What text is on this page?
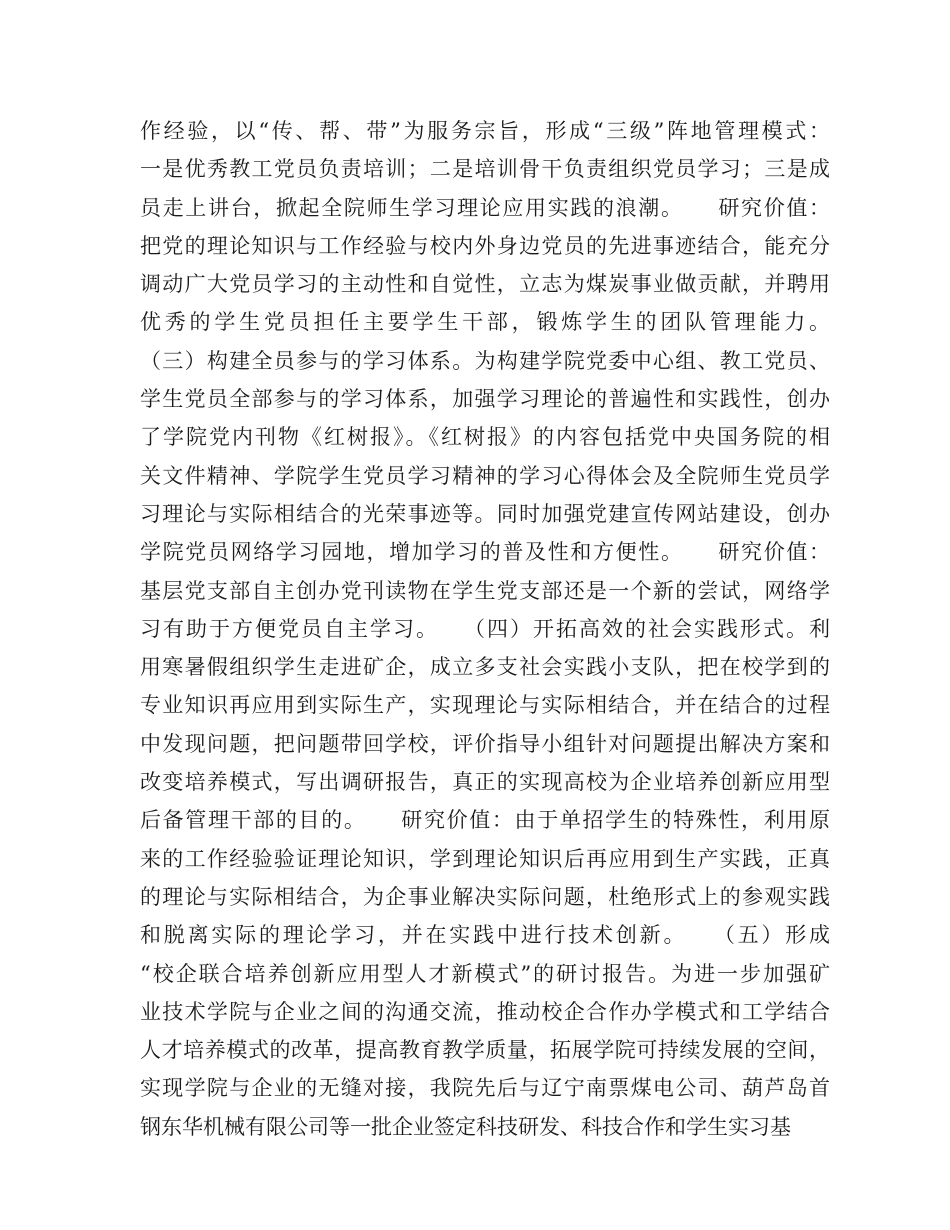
作经验，以“传、帮、带”为服务宗旨，形成“三级”阵地管理模式：
一是优秀教工党员负责培训；二是培训骨干负责组织党员学习；三是成
员走上讲台，掀起全院师生学习理论应用实践的浪潮。　　研究价值：
把党的理论知识与工作经验与校内外身边党员的先进事迹结合，能充分
调动广大党员学习的主动性和自觉性，立志为煤炭事业做贡献，并聘用
优秀的学生党员担任主要学生干部，锻炼学生的团队管理能力。
（三）构建全员参与的学习体系。为构建学院党委中心组、教工党员、
学生党员全部参与的学习体系，加强学习理论的普遍性和实践性，创办
了学院党内刊物《红树报》。《红树报》的内容包括党中央国务院的相
关文件精神、学院学生党员学习精神的学习心得体会及全院师生党员学
习理论与实际相结合的光荣事迹等。同时加强党建宣传网站建设，创办
学院党员网络学习园地，增加学习的普及性和方便性。　　研究价值：
基层党支部自主创办党刊读物在学生党支部还是一个新的尝试，网络学
习有助于方便党员自主学习。　　（四）开拓高效的社会实践形式。利
用寒暑假组织学生走进矿企，成立多支社会实践小支队，把在校学到的
专业知识再应用到实际生产，实现理论与实际相结合，并在结合的过程
中发现问题，把问题带回学校，评价指导小组针对问题提出解决方案和
改变培养模式，写出调研报告，真正的实现高校为企业培养创新应用型
后备管理干部的目的。　　研究价值：由于单招学生的特殊性，利用原
来的工作经验验证理论知识，学到理论知识后再应用到生产实践，正真
的理论与实际相结合，为企事业解决实际问题，杜绝形式上的参观实践
和脱离实际的理论学习，并在实践中进行技术创新。　　（五）形成
“校企联合培养创新应用型人才新模式”的研讨报告。为进一步加强矿
业技术学院与企业之间的沟通交流，推动校企合作办学模式和工学结合
人才培养模式的改革，提高教育教学质量，拓展学院可持续发展的空间，
实现学院与企业的无缝对接，我院先后与辽宁南票煤电公司、葫芦岛首
钢东华机械有限公司等一批企业签定科技研发、科技合作和学生实习基
